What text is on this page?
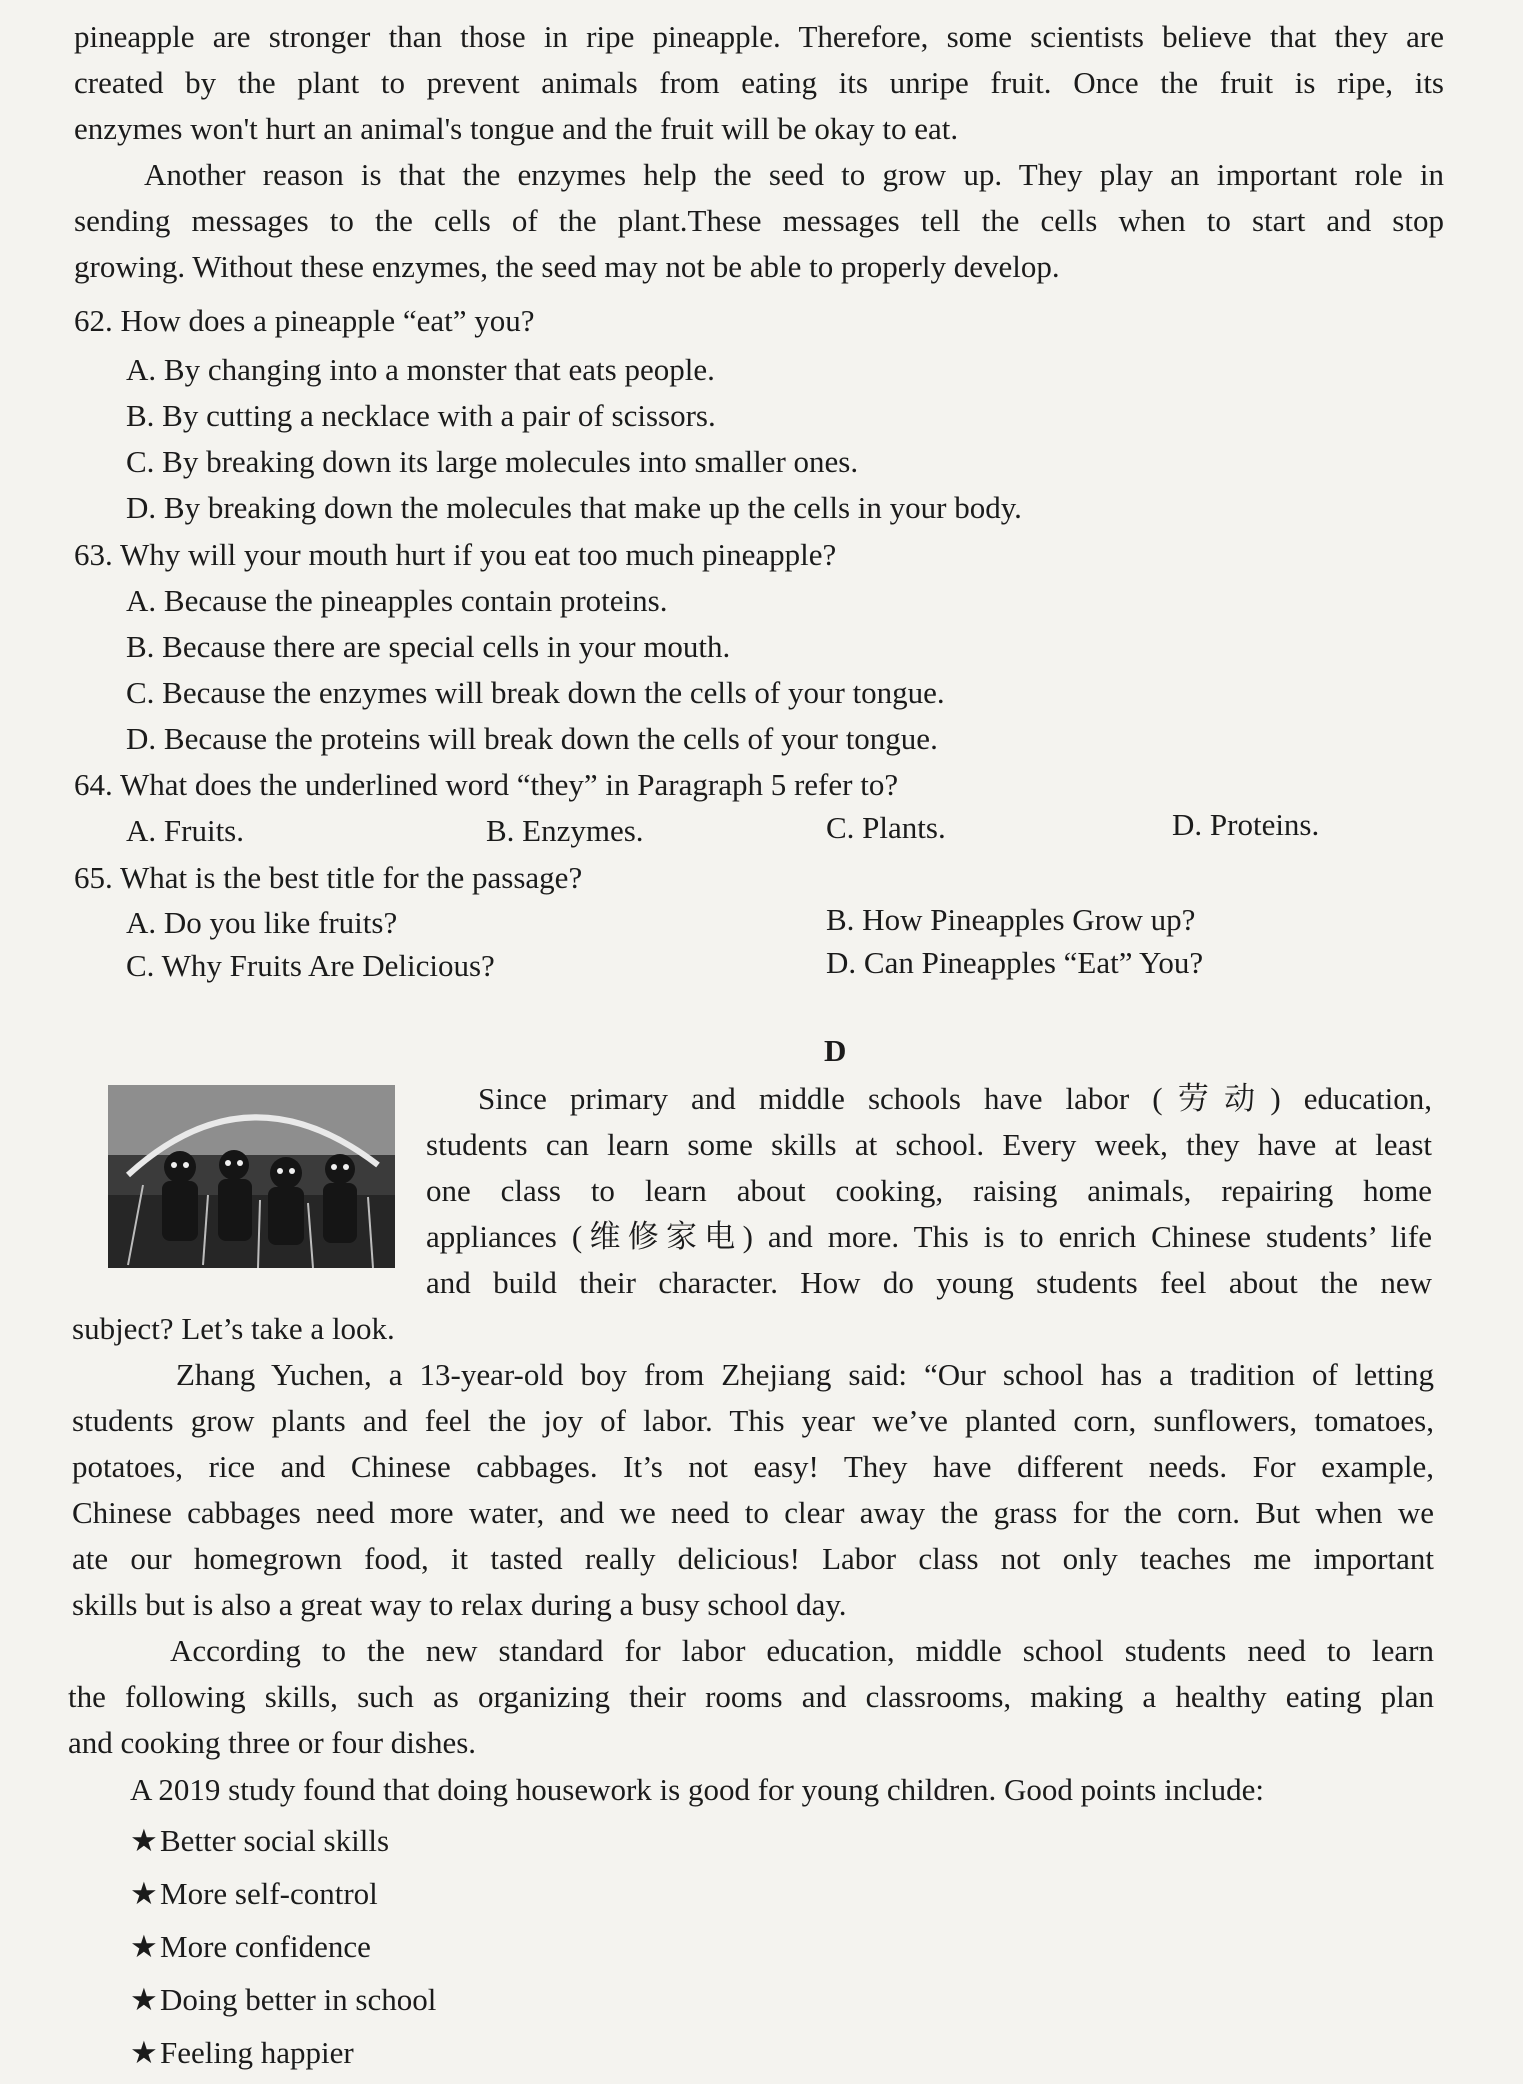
pineapple are stronger than those in ripe pineapple. Therefore, some scientists believe that they are
created by the plant to prevent animals from eating its unripe fruit. Once the fruit is ripe, its
enzymes won't hurt an animal's tongue and the fruit will be okay to eat.
Another reason is that the enzymes help the seed to grow up. They play an important role in
sending messages to the cells of the plant.These messages tell the cells when to start and stop
growing. Without these enzymes, the seed may not be able to properly develop.
62. How does a pineapple “eat” you?
A. By changing into a monster that eats people.
B. By cutting a necklace with a pair of scissors.
C. By breaking down its large molecules into smaller ones.
D. By breaking down the molecules that make up the cells in your body.
63. Why will your mouth hurt if you eat too much pineapple?
A. Because the pineapples contain proteins.
B. Because there are special cells in your mouth.
C. Because the enzymes will break down the cells of your tongue.
D. Because the proteins will break down the cells of your tongue.
64. What does the underlined word “they” in Paragraph 5 refer to?
A. Fruits.	B. Enzymes.	C. Plants.	D. Proteins.
65. What is the best title for the passage?
A. Do you like fruits?	B. How Pineapples Grow up?
C. Why Fruits Are Delicious?	D. Can Pineapples “Eat” You?
D
Since primary and middle schools have labor (劳动) education,
students can learn some skills at school. Every week, they have at least
one class to learn about cooking, raising animals, repairing home
appliances (维修家电) and more. This is to enrich Chinese students’ life
and build their character. How do young students feel about the new
subject? Let’s take a look.
Zhang Yuchen, a 13-year-old boy from Zhejiang said: “Our school has a tradition of letting
students grow plants and feel the joy of labor. This year we’ve planted corn, sunflowers, tomatoes,
potatoes, rice and Chinese cabbages. It’s not easy! They have different needs. For example,
Chinese cabbages need more water, and we need to clear away the grass for the corn. But when we
ate our homegrown food, it tasted really delicious! Labor class not only teaches me important
skills but is also a great way to relax during a busy school day.
According to the new standard for labor education, middle school students need to learn
the following skills, such as organizing their rooms and classrooms, making a healthy eating plan
and cooking three or four dishes.
A 2019 study found that doing housework is good for young children. Good points include:
★Better social skills
★More self-control
★More confidence
★Doing better in school
★Feeling happier
